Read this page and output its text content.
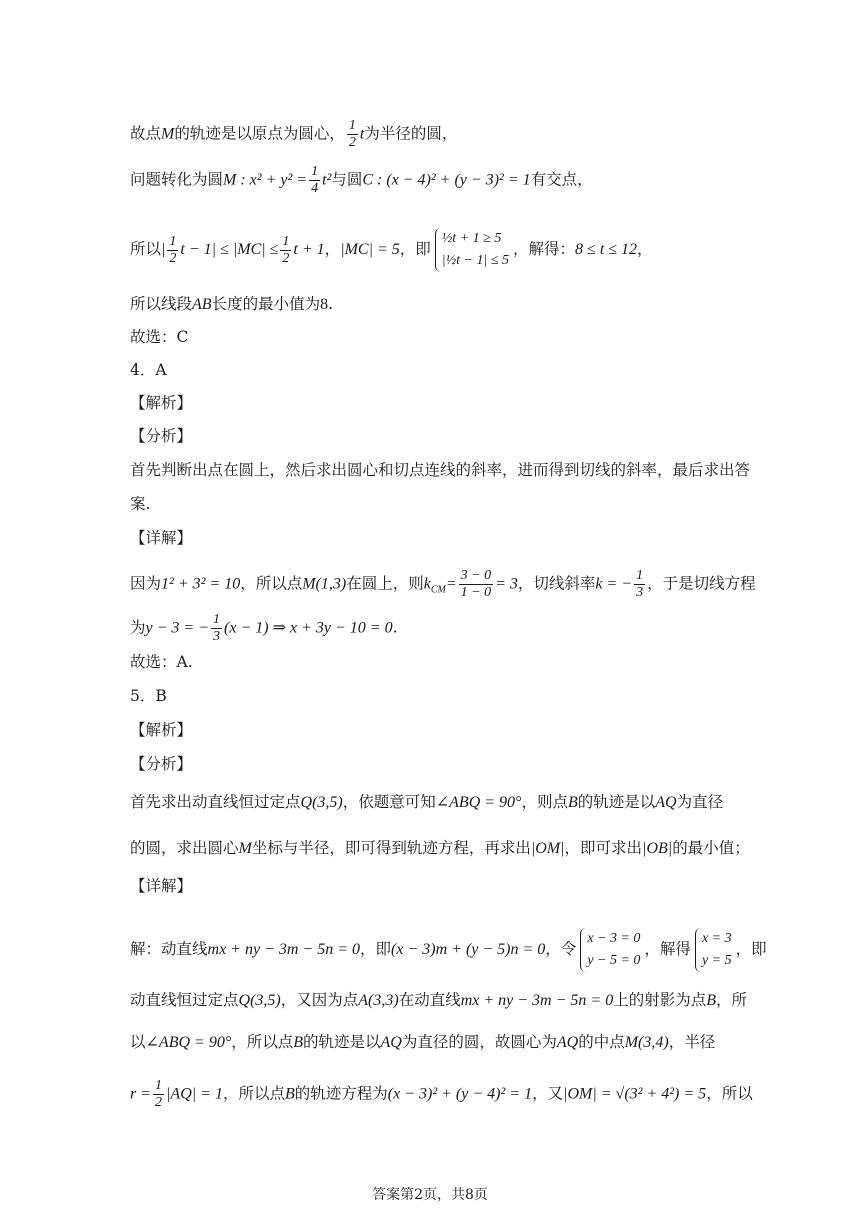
故点M的轨迹是以原点为圆心， $\frac{1}{2}$ t为半径的圆，
问题转化为圆M : $x^2 + y^2 = \frac{1}{4} t^2$与圆C : (x − 4)² + (y − 3)² = 1有交点，
所以| $\frac{1}{2}$ $t - 1| \le |MC| \le \frac{1}{2}$ t + 1，|MC| = 5，即
½t + 1 ≥ 5
|½t − 1| ≤ 5
，解得：8 ≤ t ≤ 12，
所以线段AB长度的最小值为8.
故选：C
4．A
【解析】
【分析】
首先判断出点在圆上，然后求出圆心和切点连线的斜率，进而得到切线的斜率，最后求出答
案.
【详解】
因为1² + 3² = 10，所以点M(1,3)在圆上，则$k_{CM}= \frac{3 - 0}{1 - 0} = 3$，切线斜率k = − $\frac{1}{3}$ ，于是切线方程
为y − 3 = − $\frac{1}{3} (x - 1)$ ⇒ x + 3y − 10 = 0.
故选：A.
5．B
【解析】
【分析】
首先求出动直线恒过定点Q(3,5)，依题意可知∠ABQ = 90°，则点B的轨迹是以AQ为直径
的圆，求出圆心M坐标与半径，即可得到轨迹方程，再求出|OM|，即可求出|OB|的最小值；
【详解】
解：动直线mx + ny − 3m − 5n = 0，即(x − 3)m + (y − 5)n = 0，令
x − 3 = 0
y − 5 = 0
，解得
x = 3
y = 5
，即
动直线恒过定点Q(3,5)，又因为点A(3,3)在动直线mx + ny − 3m − 5n = 0上的射影为点B，所
以∠ABQ = 90°，所以点B的轨迹是以AQ为直径的圆，故圆心为AQ的中点M(3,4)，半径
$r = \frac{1}{2} |AQ| = 1$，所以点B的轨迹方程为(x − 3)² + (y − 4)² = 1，又|OM| = √(3² + 4²) = 5，所以
答案第2页，共8页
